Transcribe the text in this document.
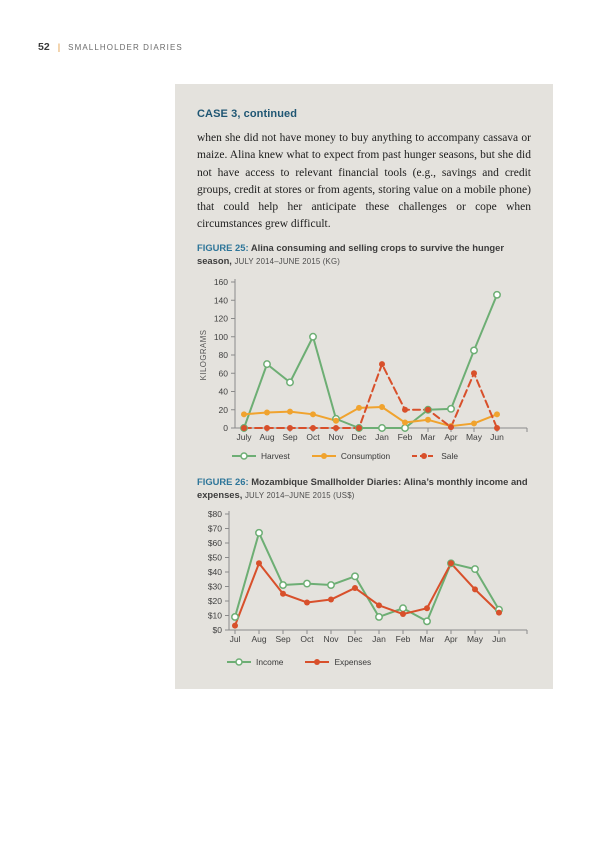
52 | SMALLHOLDER DIARIES
CASE 3, continued
when she did not have money to buy anything to accompany cassava or maize. Alina knew what to expect from past hunger seasons, but she did not have access to relevant financial tools (e.g., savings and credit groups, credit at stores or from agents, storing value on a mobile phone) that could help her anticipate these challenges or cope when circumstances grew difficult.
FIGURE 25: Alina consuming and selling crops to survive the hunger season, JULY 2014–JUNE 2015 (KG)
0
20
40
60
80
100
120
140
160
July Aug Sep Oct Nov Dec Jan Feb Mar Apr May Jun
KILOGRAMS
Harvest	Consumption	Sale
FIGURE 26: Mozambique Smallholder Diaries: Alina’s monthly income and expenses, JULY 2014–JUNE 2015 (US$)
$0
$10
$20
$30
$40
$50
$60
$70
$80
Jul Aug Sep Oct Nov Dec Jan Feb Mar Apr May Jun
Income	Expenses
